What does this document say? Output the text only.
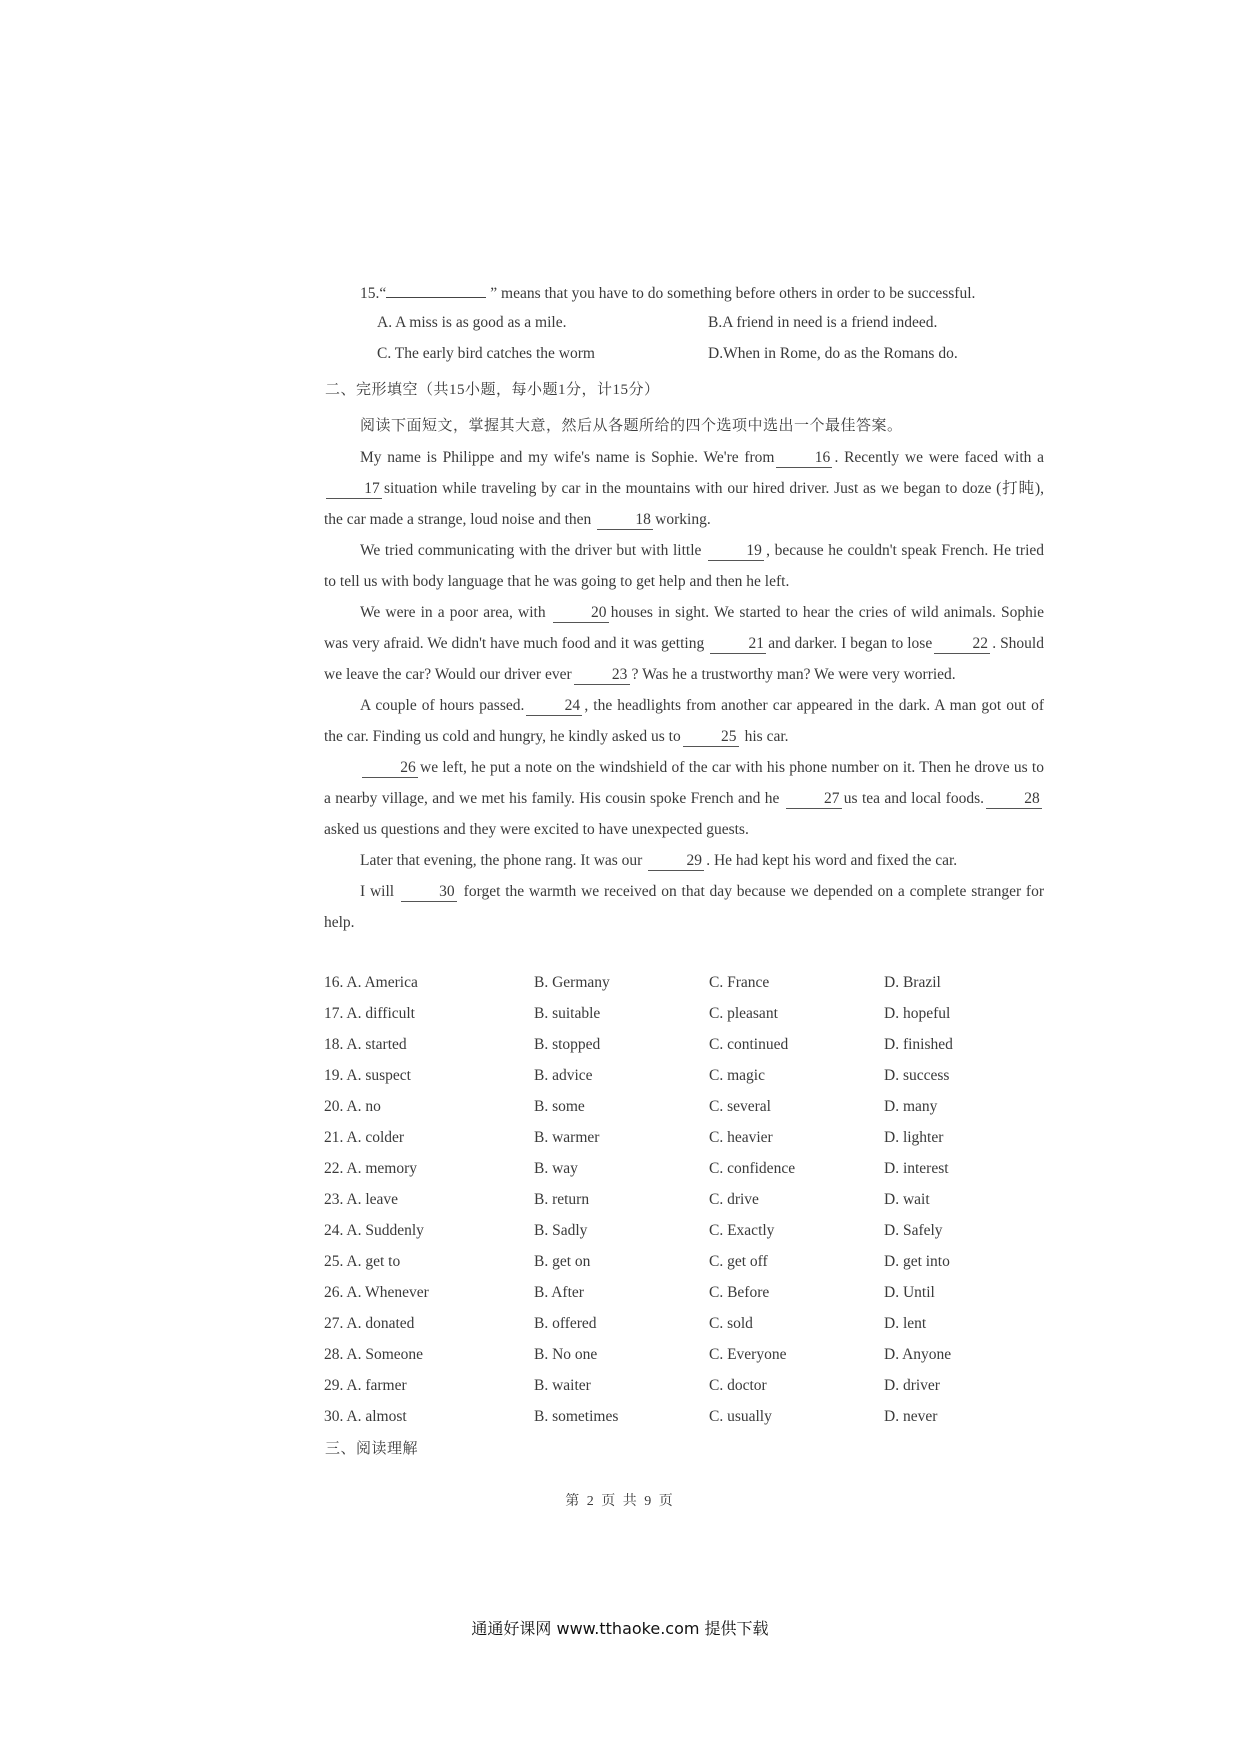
15.“	” means that you have to do something before others in order to be successful.
A. A miss is as good as a mile.	B.A friend in need is a friend indeed.
C. The early bird catches the worm	D.When in Rome, do as the Romans do.
二、完形填空（共15小题，每小题1分，计15分）
阅读下面短文，掌握其大意，然后从各题所给的四个选项中选出一个最佳答案。

My name is Philippe and my wife's name is Sophie. We're from	16 . Recently we were faced with a 17 situation while traveling by car in the mountains with our hired driver. Just as we began to doze (打盹), the car made a strange, loud noise and then	18 working.

We tried communicating with the driver but with little	19 , because he couldn't speak French. He tried to tell us with body language that he was going to get help and then he left.

We were in a poor area, with	20 houses in sight. We started to hear the cries of wild animals. Sophie was very afraid. We didn't have much food and it was getting	21 and darker. I began to lose	22 . Should we leave the car? Would our driver ever	23 ? Was he a trustworthy man? We were very worried.

A couple of hours passed.	24 , the headlights from another car appeared in the dark. A man got out of the car. Finding us cold and hungry, he kindly asked us to	25 his car.

26 we left, he put a note on the windshield of the car with his phone number on it. Then he drove us to a nearby village, and we met his family. His cousin spoke French and he	27 us tea and local foods.	28 asked us questions and they were excited to have unexpected guests.

Later that evening, the phone rang. It was our	29 . He had kept his word and fixed the car.

I will	30 forget the warmth we received on that day because we depended on a complete stranger for help.

16. A. America	B. Germany	C. France	D. Brazil
17. A. difficult	B. suitable	C. pleasant	D. hopeful
18. A. started	B. stopped	C. continued	D. finished
19. A. suspect	B. advice	C. magic	D. success
20. A. no	B. some	C. several	D. many
21. A. colder	B. warmer	C. heavier	D. lighter
22. A. memory	B. way	C. confidence	D. interest
23. A. leave	B. return	C. drive	D. wait
24. A. Suddenly	B. Sadly	C. Exactly	D. Safely
25. A. get to	B. get on	C. get off	D. get into
26. A. Whenever	B. After	C. Before	D. Until
27. A. donated	B. offered	C. sold	D. lent
28. A. Someone	B. No one	C. Everyone	D. Anyone
29. A. farmer	B. waiter	C. doctor	D. driver
30. A. almost	B. sometimes	C. usually	D. never
三、阅读理解
第 2 页 共 9 页
通通好课网 www.tthaoke.com 提供下载
